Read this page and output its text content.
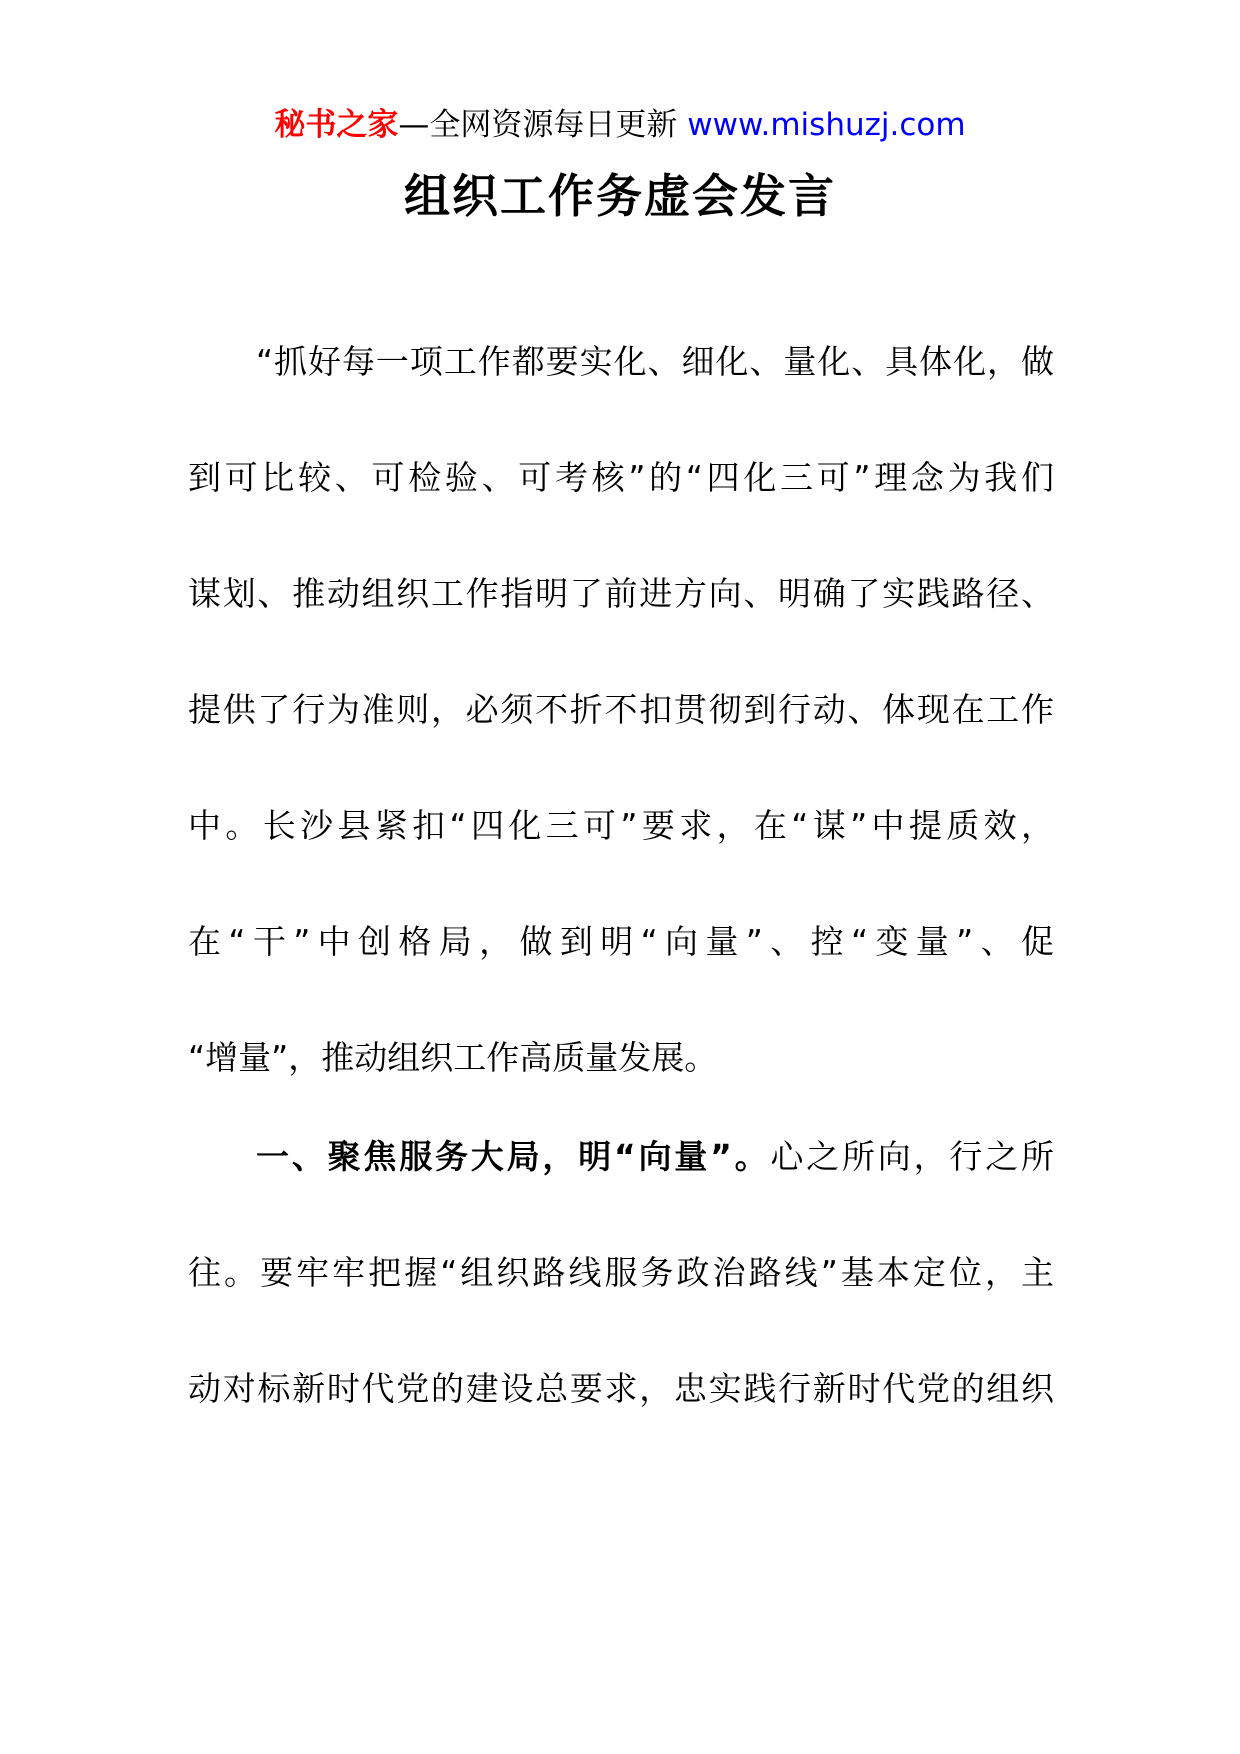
秘书之家—全网资源每日更新 www.mishuzj.com
组织工作务虚会发言
“抓好每一项工作都要实化、细化、量化、具体化，做
到可比较、可检验、可考核”的“四化三可”理念为我们
谋划、推动组织工作指明了前进方向、明确了实践路径、
提供了行为准则，必须不折不扣贯彻到行动、体现在工作
中。长沙县紧扣“四化三可”要求，在“谋”中提质效，
在“干”中创格局，做到明“向量”、控“变量”、促
“增量”，推动组织工作高质量发展。
一、聚焦服务大局，明“向量”。心之所向，行之所
往。要牢牢把握“组织路线服务政治路线”基本定位，主
动对标新时代党的建设总要求，忠实践行新时代党的组织
